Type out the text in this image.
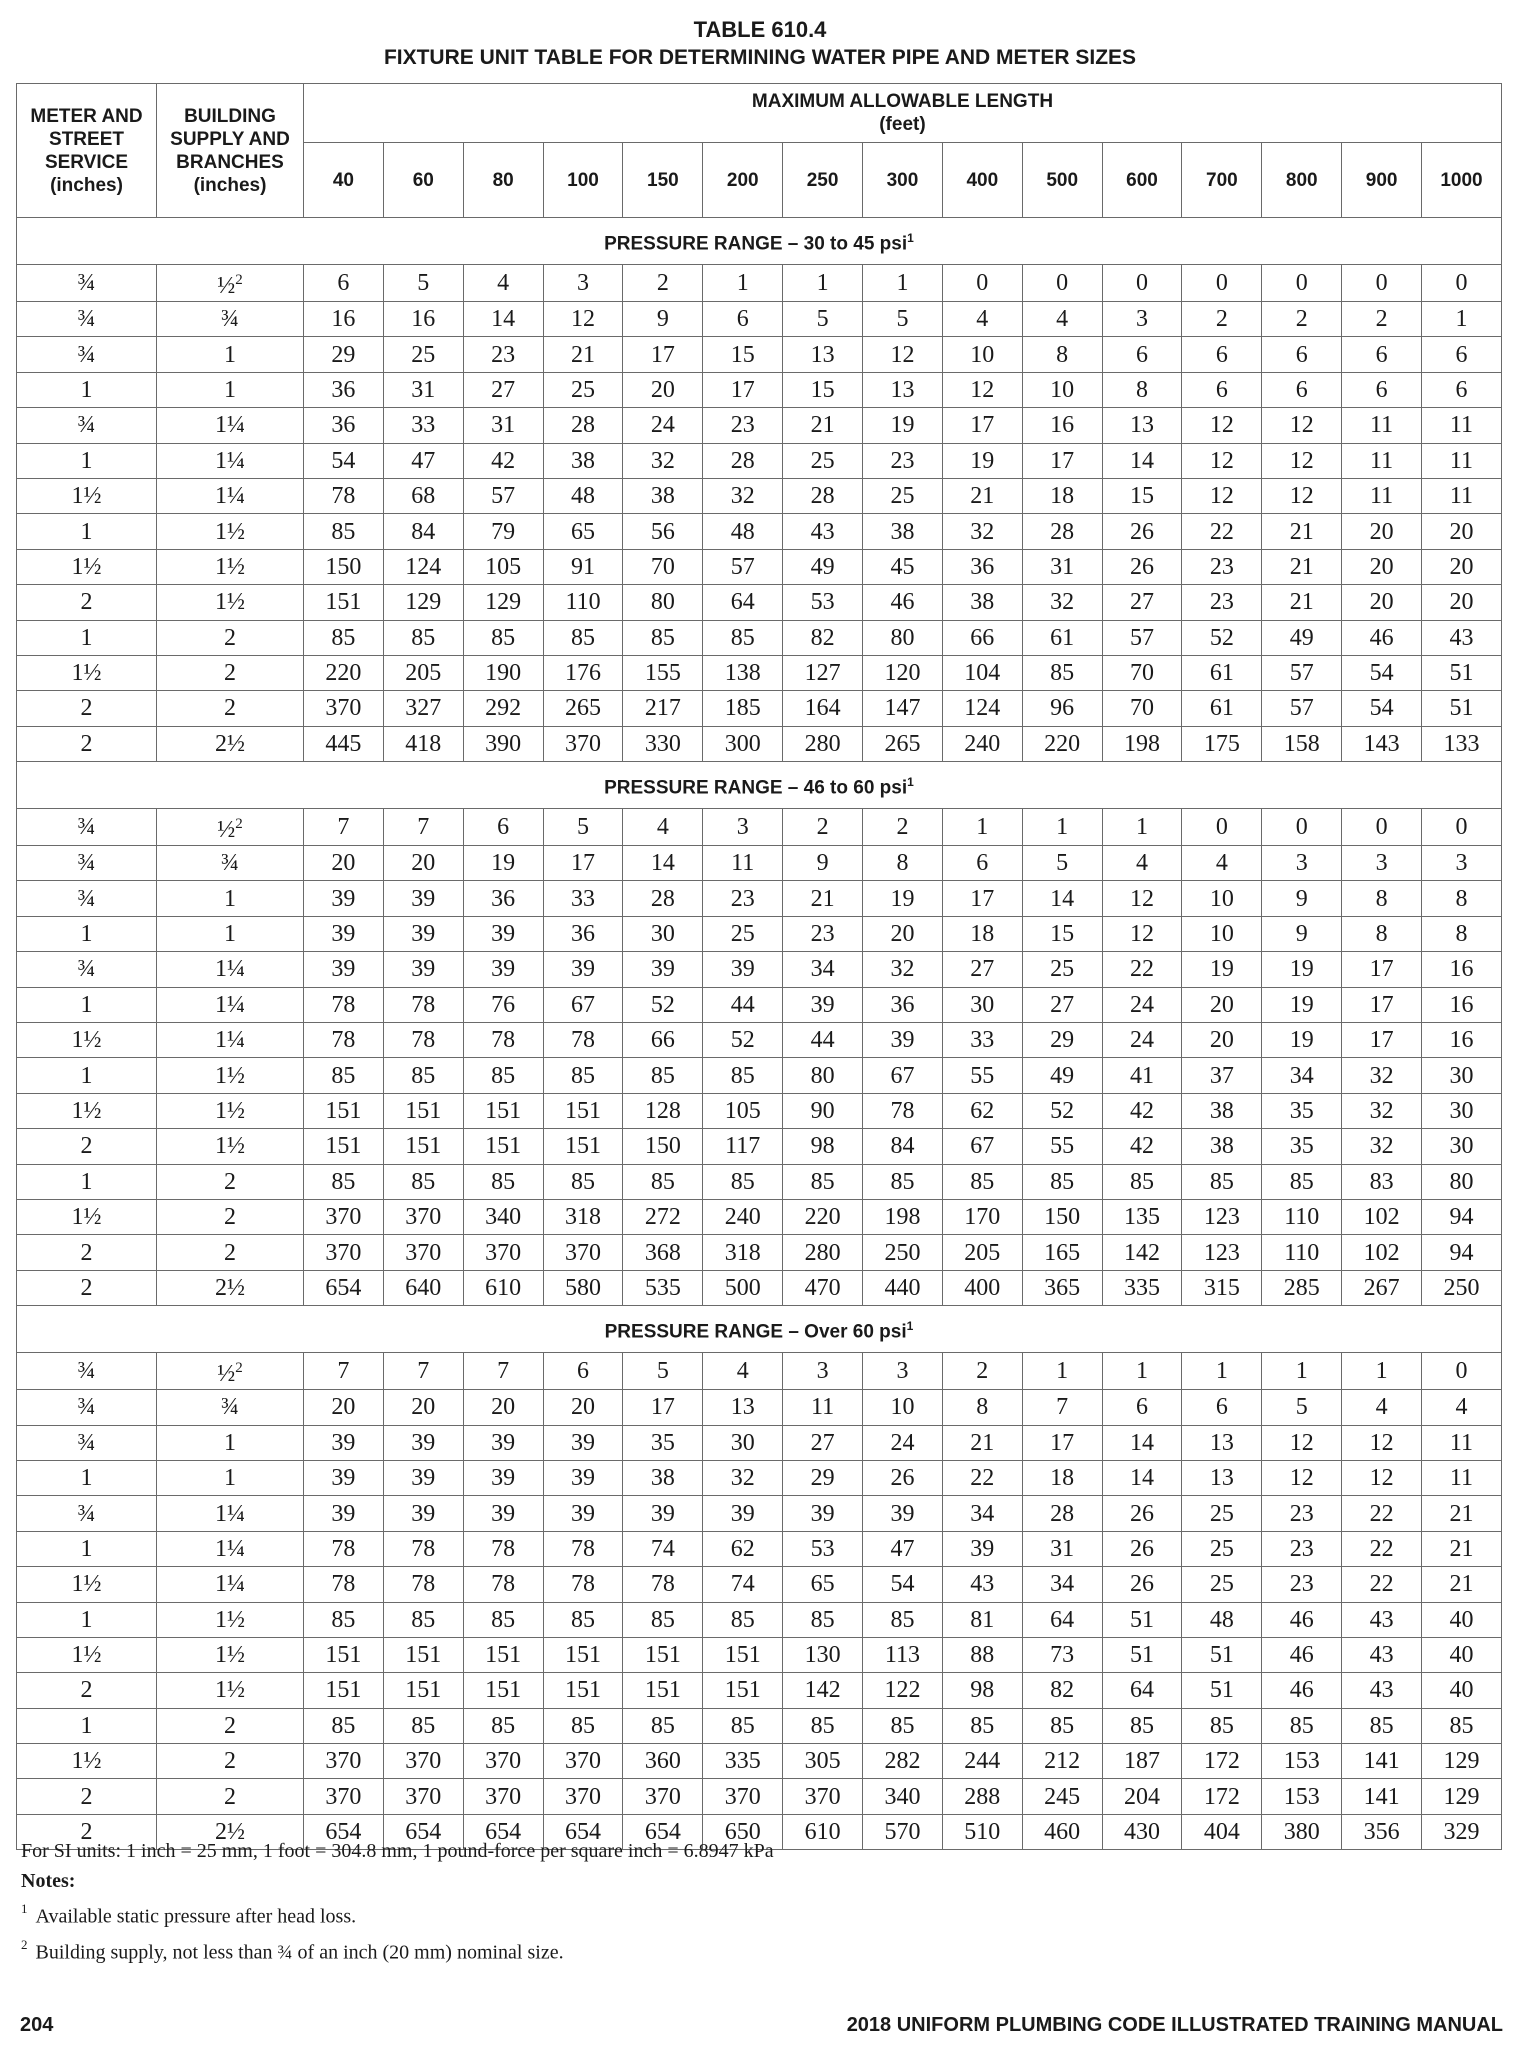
TABLE 610.4
FIXTURE UNIT TABLE FOR DETERMINING WATER PIPE AND METER SIZES
METER AND STREET SERVICE (inches)	BUILDING SUPPLY AND BRANCHES (inches)	MAXIMUM ALLOWABLE LENGTH
(feet)														

		40	60	80	100	150	200	250	300	400	500	600	700	800	900	1000
PRESSURE RANGE – 30 to 45 psi$^1$
¾	½$^2$	6	5	4	3	2	1	1	1	0	0	0	0	0	0	0
¾	¾	16	16	14	12	9	6	5	5	4	4	3	2	2	2	1
¾	1	29	25	23	21	17	15	13	12	10	8	6	6	6	6	6
1	1	36	31	27	25	20	17	15	13	12	10	8	6	6	6	6
¾	1¼	36	33	31	28	24	23	21	19	17	16	13	12	12	11	11
1	1¼	54	47	42	38	32	28	25	23	19	17	14	12	12	11	11
1½	1¼	78	68	57	48	38	32	28	25	21	18	15	12	12	11	11
1	1½	85	84	79	65	56	48	43	38	32	28	26	22	21	20	20
1½	1½	150	124	105	91	70	57	49	45	36	31	26	23	21	20	20
2	1½	151	129	129	110	80	64	53	46	38	32	27	23	21	20	20
1	2	85	85	85	85	85	85	82	80	66	61	57	52	49	46	43
1½	2	220	205	190	176	155	138	127	120	104	85	70	61	57	54	51
2	2	370	327	292	265	217	185	164	147	124	96	70	61	57	54	51
2	2½	445	418	390	370	330	300	280	265	240	220	198	175	158	143	133
PRESSURE RANGE – 46 to 60 psi$^1$
¾	½$^2$	7	7	6	5	4	3	2	2	1	1	1	0	0	0	0
¾	¾	20	20	19	17	14	11	9	8	6	5	4	4	3	3	3
¾	1	39	39	36	33	28	23	21	19	17	14	12	10	9	8	8
1	1	39	39	39	36	30	25	23	20	18	15	12	10	9	8	8
¾	1¼	39	39	39	39	39	39	34	32	27	25	22	19	19	17	16
1	1¼	78	78	76	67	52	44	39	36	30	27	24	20	19	17	16
1½	1¼	78	78	78	78	66	52	44	39	33	29	24	20	19	17	16
1	1½	85	85	85	85	85	85	80	67	55	49	41	37	34	32	30
1½	1½	151	151	151	151	128	105	90	78	62	52	42	38	35	32	30
2	1½	151	151	151	151	150	117	98	84	67	55	42	38	35	32	30
1	2	85	85	85	85	85	85	85	85	85	85	85	85	85	83	80
1½	2	370	370	340	318	272	240	220	198	170	150	135	123	110	102	94
2	2	370	370	370	370	368	318	280	250	205	165	142	123	110	102	94
2	2½	654	640	610	580	535	500	470	440	400	365	335	315	285	267	250
PRESSURE RANGE – Over 60 psi$^1$
¾	½$^2$	7	7	7	6	5	4	3	3	2	1	1	1	1	1	0
¾	¾	20	20	20	20	17	13	11	10	8	7	6	6	5	4	4
¾	1	39	39	39	39	35	30	27	24	21	17	14	13	12	12	11
1	1	39	39	39	39	38	32	29	26	22	18	14	13	12	12	11
¾	1¼	39	39	39	39	39	39	39	39	34	28	26	25	23	22	21
1	1¼	78	78	78	78	74	62	53	47	39	31	26	25	23	22	21
1½	1¼	78	78	78	78	78	74	65	54	43	34	26	25	23	22	21
1	1½	85	85	85	85	85	85	85	85	81	64	51	48	46	43	40
1½	1½	151	151	151	151	151	151	130	113	88	73	51	51	46	43	40
2	1½	151	151	151	151	151	151	142	122	98	82	64	51	46	43	40
1	2	85	85	85	85	85	85	85	85	85	85	85	85	85	85	85
1½	2	370	370	370	370	360	335	305	282	244	212	187	172	153	141	129
2	2	370	370	370	370	370	370	370	340	288	245	204	172	153	141	129
2	2½	654	654	654	654	654	650	610	570	510	460	430	404	380	356	329
For SI units: 1 inch = 25 mm, 1 foot = 304.8 mm, 1 pound-force per square inch = 6.8947 kPa
Notes:
$^1$ Available static pressure after head loss.
$^2$ Building supply, not less than ¾ of an inch (20 mm) nominal size.
204	2018 UNIFORM PLUMBING CODE ILLUSTRATED TRAINING MANUAL
